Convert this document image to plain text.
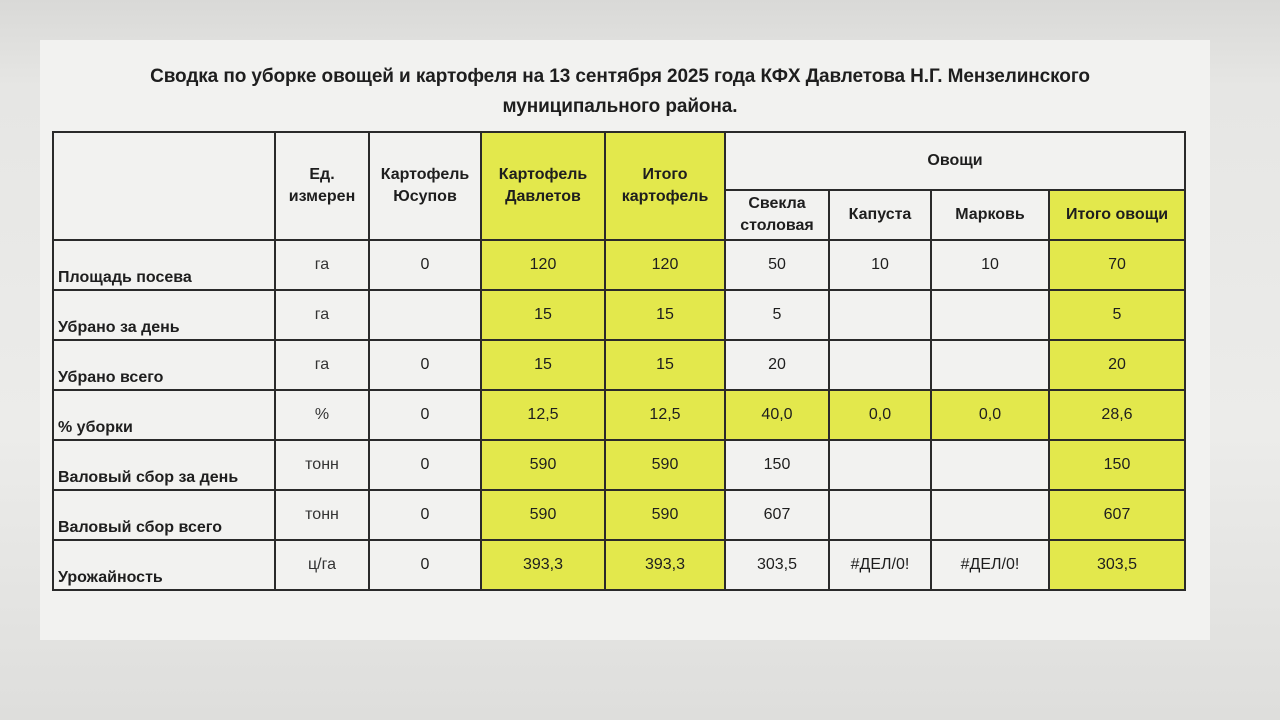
Сводка по уборке овощей и картофеля на 13 сентября 2025 года КФХ Давлетова Н.Г. Мензелинского муниципального района.
	Ед. измерен	Картофель Юсупов	Картофель Давлетов	Итого картофель	Овощи			
					Свекла столовая	Капуста	Марковь	Итого овощи
Площадь посева	га	0	120	120	50	10	10	70
Убрано за день	га		15	15	5			5
Убрано всего	га	0	15	15	20			20
% уборки	%	0	12,5	12,5	40,0	0,0	0,0	28,6
Валовый сбор за день	тонн	0	590	590	150			150
Валовый сбор всего	тонн	0	590	590	607			607
Урожайность	ц/га	0	393,3	393,3	303,5	#ДЕЛ/0!	#ДЕЛ/0!	303,5
